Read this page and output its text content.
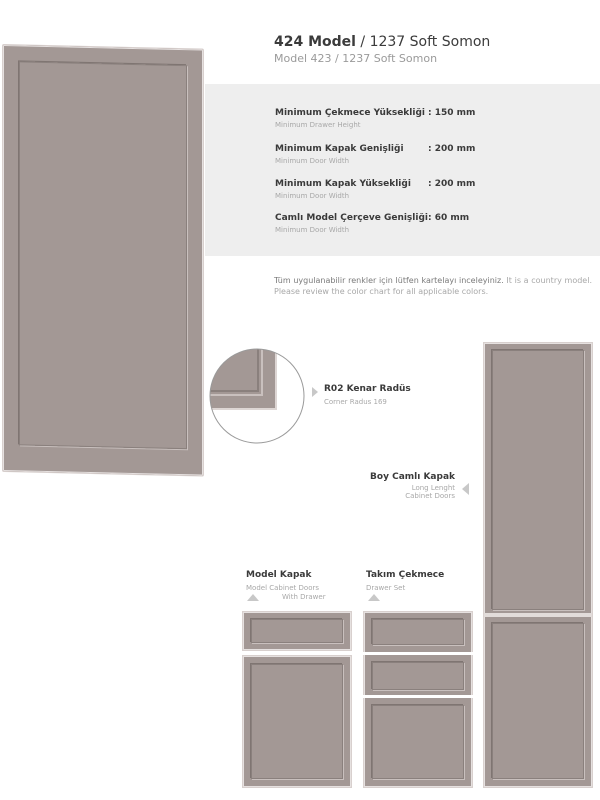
424 Model / 1237 Soft Somon
Model 423 / 1237 Soft Somon
Minimum Çekmece Yüksekliği
Minimum Drawer Height
: 150 mm
Minimum Kapak Genişliği
Minimum Door Width
: 200 mm
Minimum Kapak Yüksekliği
Minimum Door Width
: 200 mm
Camlı Model Çerçeve Genişliği
Minimum Door Width
: 60 mm
Tüm uygulanabilir renkler için lütfen kartelayı inceleyiniz. It is a country model. Please review the color chart for all applicable colors.
R02 Kenar Radüs
Corner Radus 169
Boy Camlı Kapak
Long Lenght
Cabinet Doors
Model Kapak
Model Cabinet Doors
With Drawer
Takım Çekmece
Drawer Set
